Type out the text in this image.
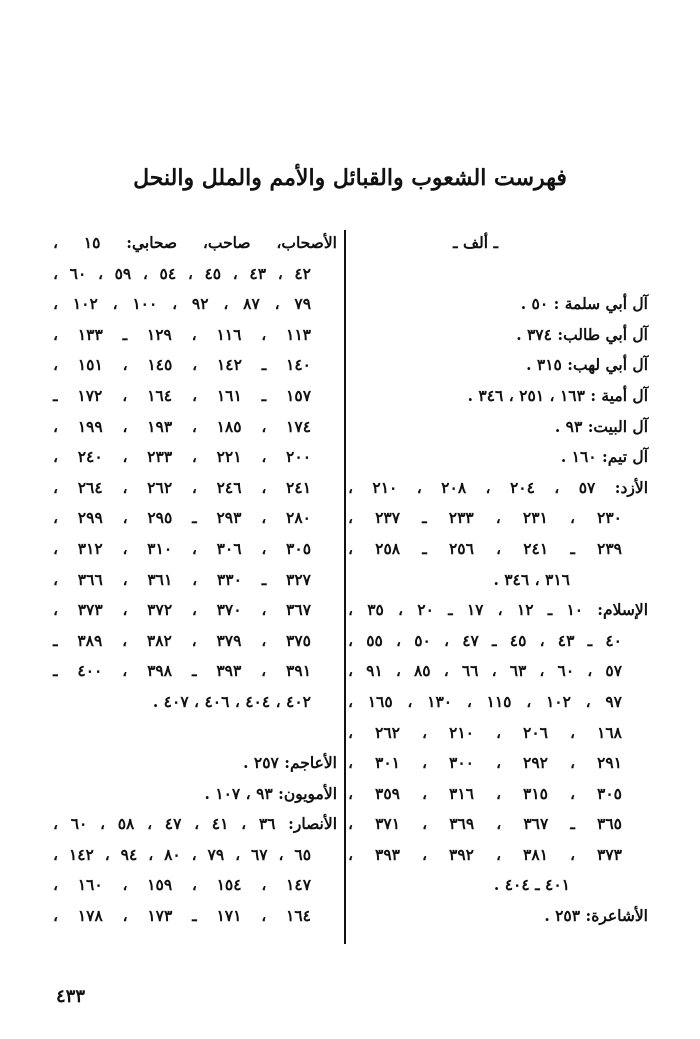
فهرست الشعوب والقبائل والأمم والملل والنحل
ـ ألف ـ
آل أبي سلمة : ٥٠ .
آل أبي طالب: ٣٧٤ .
آل أبي لهب: ٣١٥ .
آل أمية : ١٦٣ ، ٢٥١ ، ٣٤٦ .
آل البيت: ٩٣ .
آل تيم: ١٦٠ .
الأزد: ٥٧ ، ٢٠٤ ، ٢٠٨ ، ٢١٠ ،
٢٣٠ ، ٢٣١ ، ٢٣٣ ـ ٢٣٧ ،
٢٣٩ ـ ٢٤١ ، ٢٥٦ ـ ٢٥٨ ،
٣١٦ ، ٣٤٦ .
الإسلام: ١٠ ـ ١٢ ، ١٧ ـ ٢٠ ، ٣٥ ،
٤٠ ـ ٤٣ ، ٤٥ ـ ٤٧ ، ٥٠ ، ٥٥ ،
٥٧ ، ٦٠ ، ٦٣ ، ٦٦ ، ٨٥ ، ٩١ ،
٩٧ ، ١٠٢ ، ١١٥ ، ١٣٠ ، ١٦٥ ،
١٦٨ ، ٢٠٦ ، ٢١٠ ، ٢٦٢ ،
٢٩١ ، ٢٩٢ ، ٣٠٠ ، ٣٠١ ،
٣٠٥ ، ٣١٥ ، ٣١٦ ، ٣٥٩ ،
٣٦٥ ـ ٣٦٧ ، ٣٦٩ ، ٣٧١ ،
٣٧٣ ، ٣٨١ ، ٣٩٢ ، ٣٩٣ ،
٤٠١ ـ ٤٠٤ .
الأشاعرة: ٢٥٣ .
الأصحاب، صاحب، صحابي: ١٥ ،
٤٢ ، ٤٣ ، ٤٥ ، ٥٤ ، ٥٩ ، ٦٠ ،
٧٩ ، ٨٧ ، ٩٢ ، ١٠٠ ، ١٠٢ ،
١١٣ ، ١١٦ ، ١٢٩ ـ ١٣٣ ،
١٤٠ ـ ١٤٢ ، ١٤٥ ، ١٥١ ،
١٥٧ ـ ١٦١ ، ١٦٤ ، ١٧٢ ـ
١٧٤ ، ١٨٥ ، ١٩٣ ، ١٩٩ ،
٢٠٠ ، ٢٢١ ، ٢٣٣ ، ٢٤٠ ،
٢٤١ ، ٢٤٦ ، ٢٦٢ ، ٢٦٤ ،
٢٨٠ ، ٢٩٣ ـ ٢٩٥ ، ٢٩٩ ،
٣٠٥ ، ٣٠٦ ، ٣١٠ ، ٣١٢ ،
٣٢٧ ـ ٣٣٠ ، ٣٦١ ، ٣٦٦ ،
٣٦٧ ، ٣٧٠ ، ٣٧٢ ، ٣٧٣ ،
٣٧٥ ، ٣٧٩ ، ٣٨٢ ، ٣٨٩ ـ
٣٩١ ، ٣٩٣ ـ ٣٩٨ ، ٤٠٠ ـ
٤٠٢ ، ٤٠٤ ، ٤٠٦ ، ٤٠٧ .
الأعاجم: ٢٥٧ .
الأمويون: ٩٣ ، ١٠٧ .
الأنصار: ٣٦ ، ٤١ ، ٤٧ ، ٥٨ ، ٦٠ ،
٦٥ ، ٦٧ ، ٧٩ ، ٨٠ ، ٩٤ ، ١٤٢ ،
١٤٧ ، ١٥٤ ، ١٥٩ ، ١٦٠ ،
١٦٤ ، ١٧١ ـ ١٧٣ ، ١٧٨ ،
٤٣٣
